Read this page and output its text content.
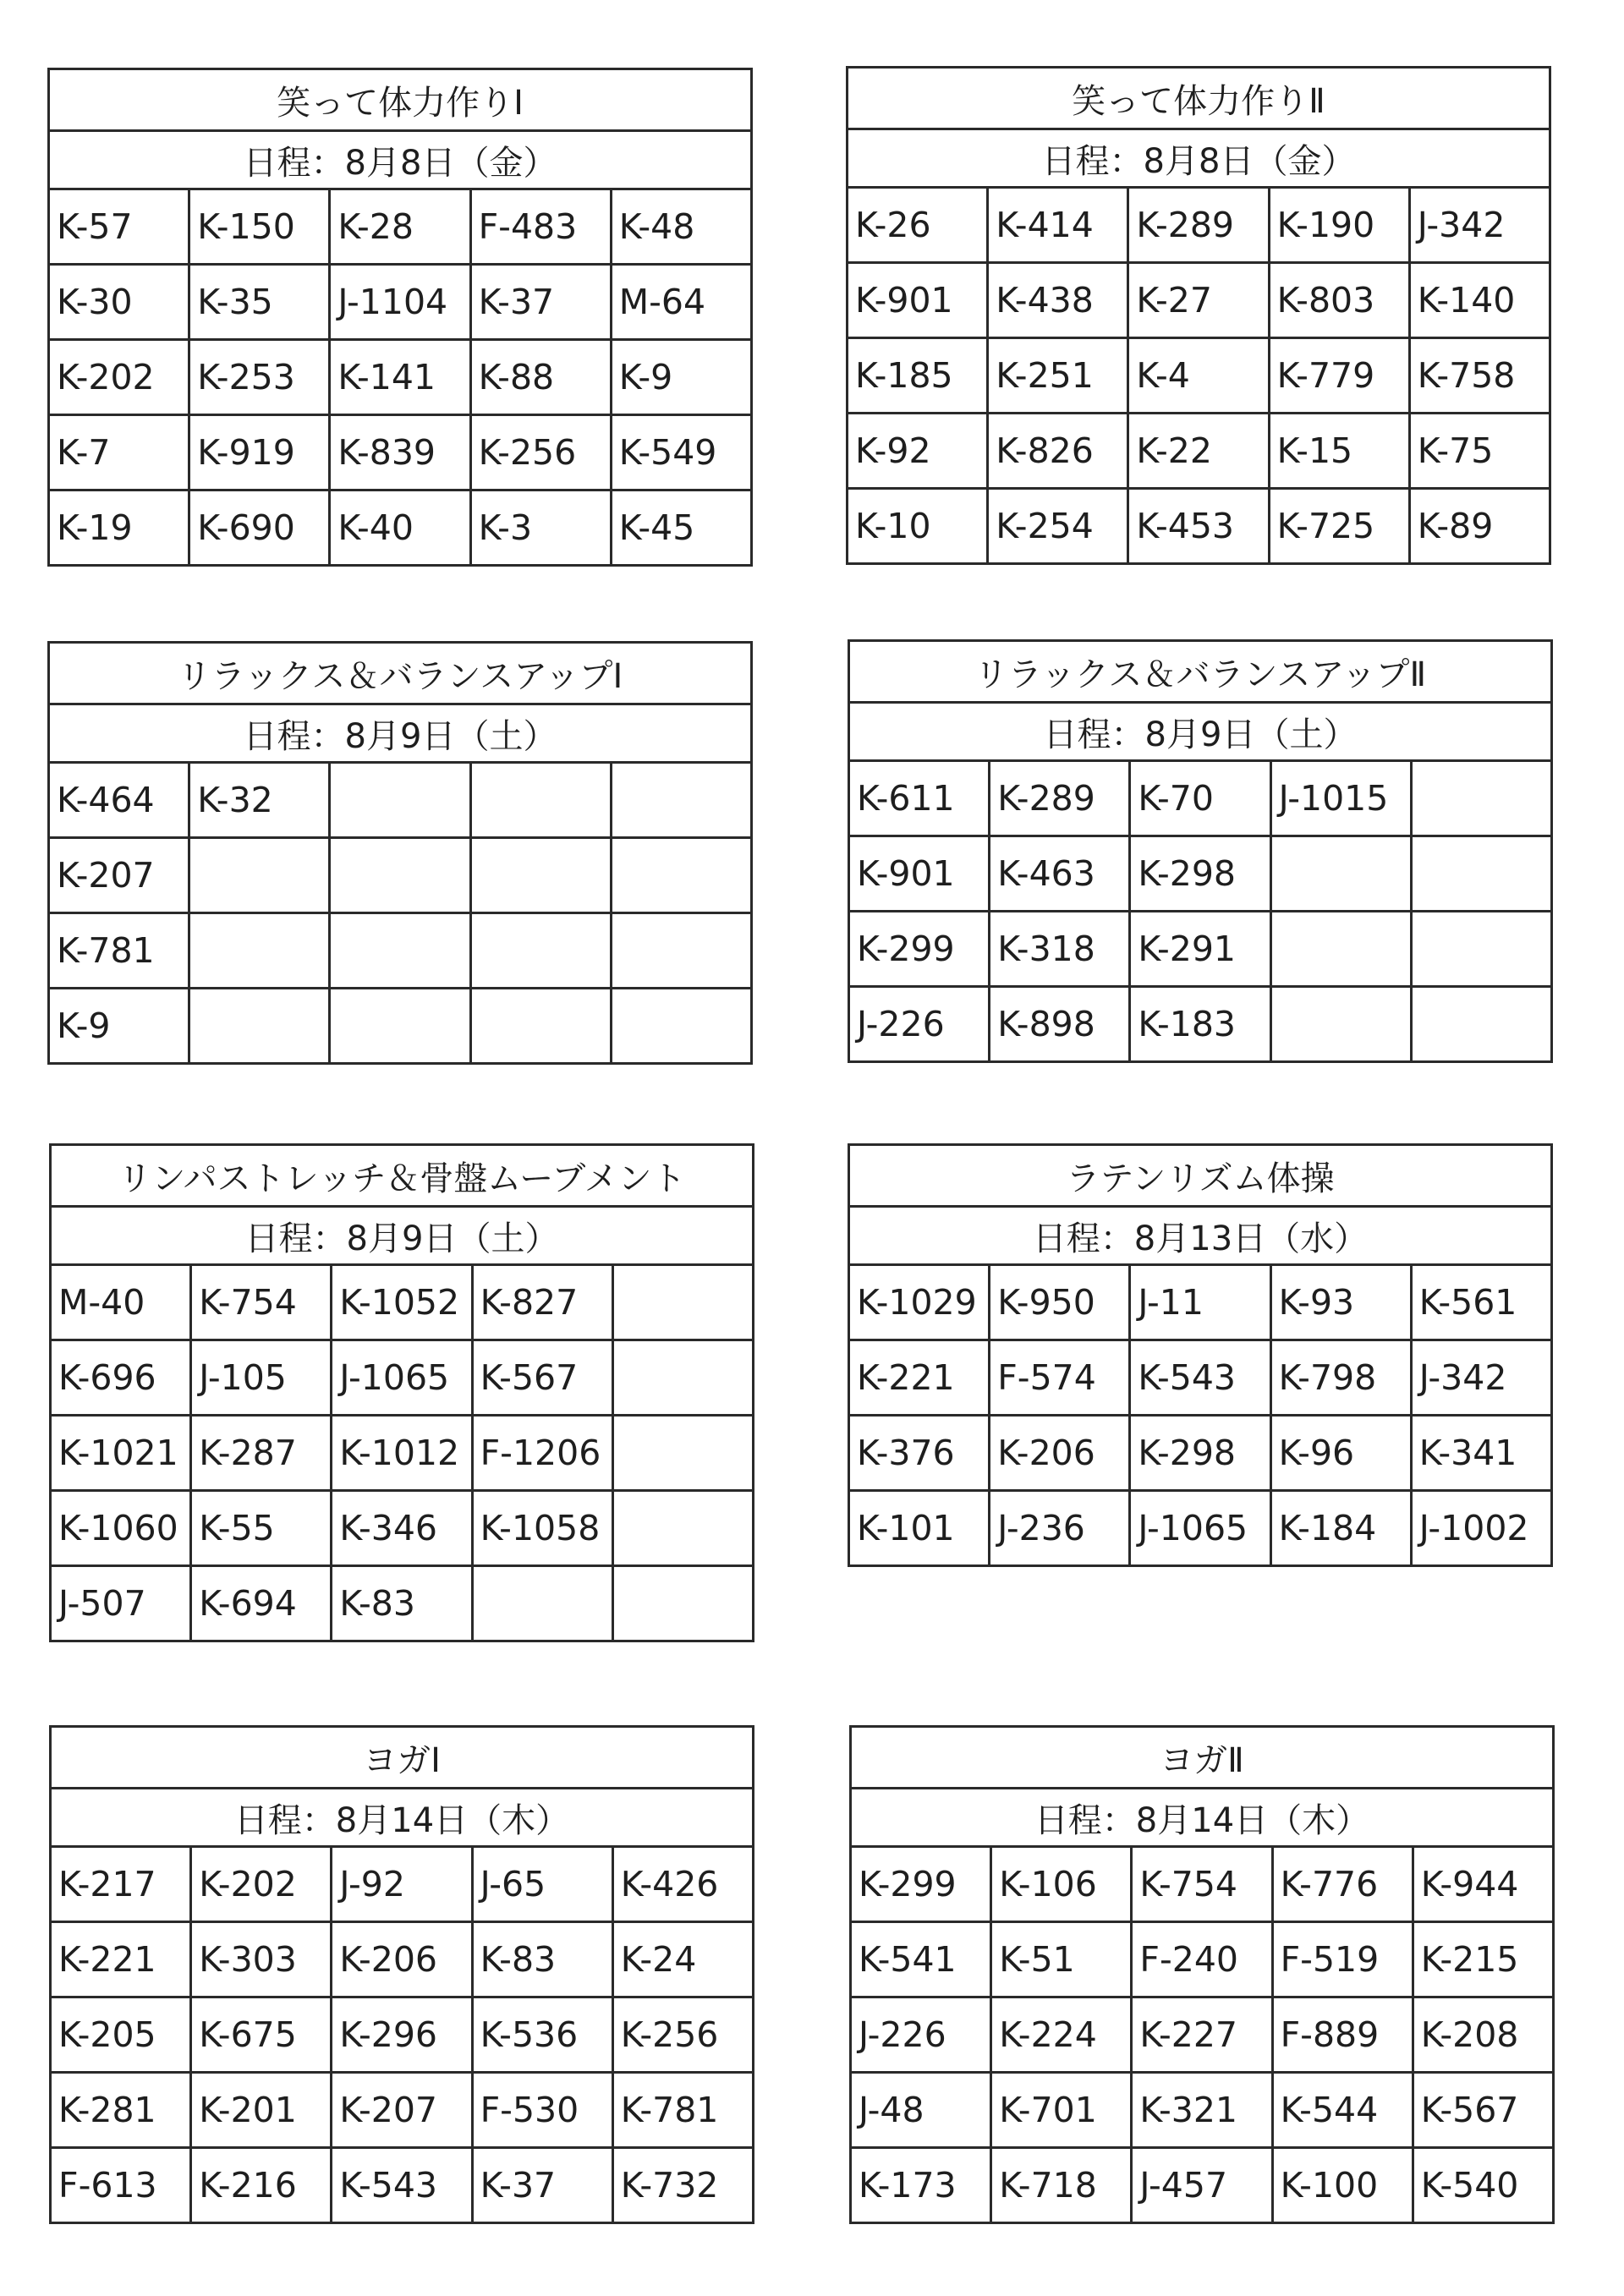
笑って体力作りⅠ				
日程：8月8日（金）				
K-57	K-150	K-28	F-483	K-48
K-30	K-35	J-1104	K-37	M-64
K-202	K-253	K-141	K-88	K-9
K-7	K-919	K-839	K-256	K-549
K-19	K-690	K-40	K-3	K-45
笑って体力作りⅡ				
日程：8月8日（金）				
K-26	K-414	K-289	K-190	J-342
K-901	K-438	K-27	K-803	K-140
K-185	K-251	K-4	K-779	K-758
K-92	K-826	K-22	K-15	K-75
K-10	K-254	K-453	K-725	K-89
リラックス＆バランスアップⅠ				
日程：8月9日（土）				
K-464	K-32			
K-207				
K-781				
K-9				
リラックス＆バランスアップⅡ				
日程：8月9日（土）				
K-611	K-289	K-70	J-1015	
K-901	K-463	K-298		
K-299	K-318	K-291		
J-226	K-898	K-183		
リンパストレッチ＆骨盤ムーブメント				
日程：8月9日（土）				
M-40	K-754	K-1052	K-827	
K-696	J-105	J-1065	K-567	
K-1021	K-287	K-1012	F-1206	
K-1060	K-55	K-346	K-1058	
J-507	K-694	K-83		
ラテンリズム体操				
日程：8月13日（水）				
K-1029	K-950	J-11	K-93	K-561
K-221	F-574	K-543	K-798	J-342
K-376	K-206	K-298	K-96	K-341
K-101	J-236	J-1065	K-184	J-1002
ヨガⅠ				
日程：8月14日（木）				
K-217	K-202	J-92	J-65	K-426
K-221	K-303	K-206	K-83	K-24
K-205	K-675	K-296	K-536	K-256
K-281	K-201	K-207	F-530	K-781
F-613	K-216	K-543	K-37	K-732
ヨガⅡ				
日程：8月14日（木）				
K-299	K-106	K-754	K-776	K-944
K-541	K-51	F-240	F-519	K-215
J-226	K-224	K-227	F-889	K-208
J-48	K-701	K-321	K-544	K-567
K-173	K-718	J-457	K-100	K-540
